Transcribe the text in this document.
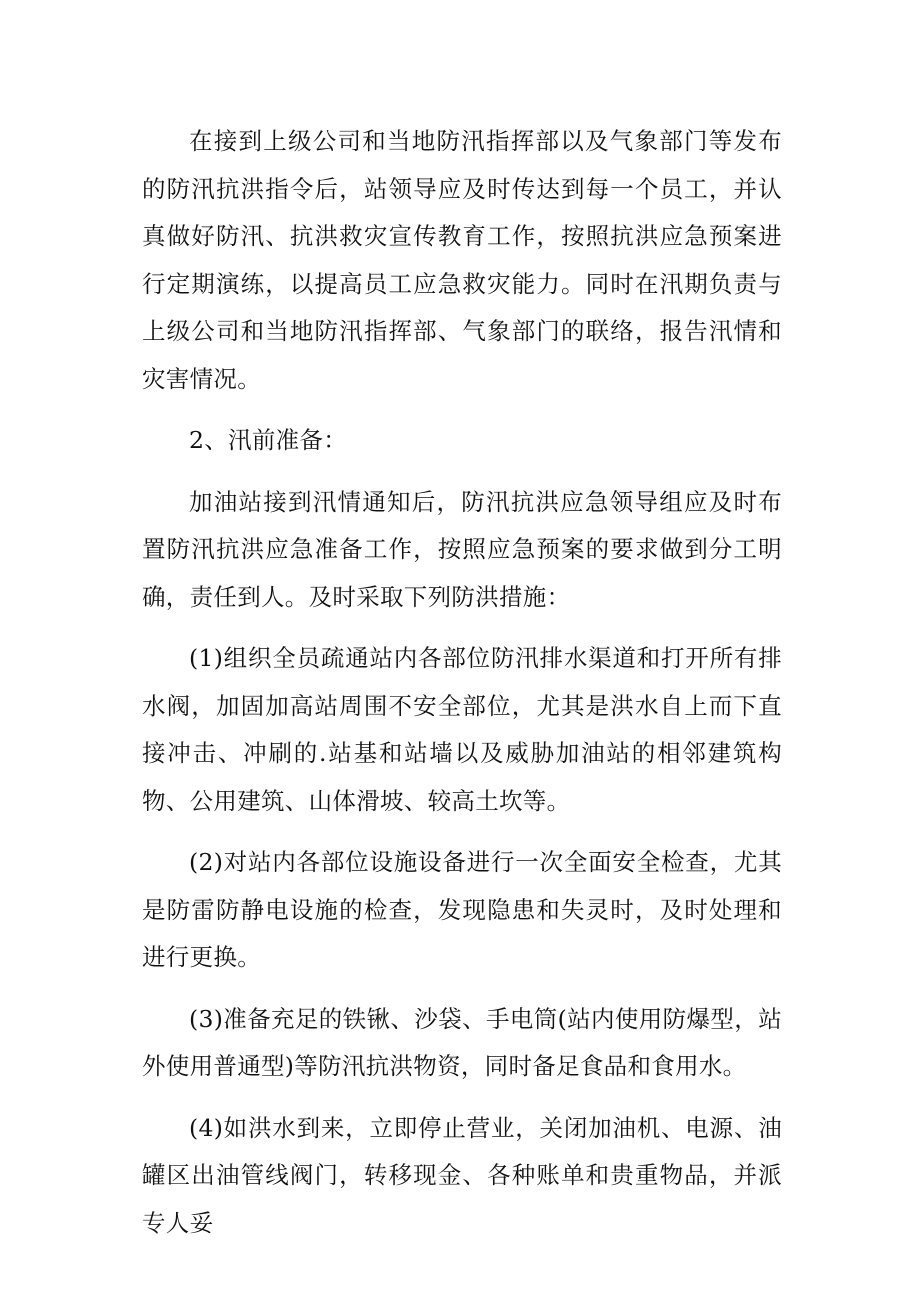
在接到上级公司和当地防汛指挥部以及气象部门等发布的防汛抗洪指令后，站领导应及时传达到每一个员工，并认真做好防汛、抗洪救灾宣传教育工作，按照抗洪应急预案进行定期演练，以提高员工应急救灾能力。同时在汛期负责与上级公司和当地防汛指挥部、气象部门的联络，报告汛情和灾害情况。

2、汛前准备：

加油站接到汛情通知后，防汛抗洪应急领导组应及时布置防汛抗洪应急准备工作，按照应急预案的要求做到分工明确，责任到人。及时采取下列防洪措施：

(1)组织全员疏通站内各部位防汛排水渠道和打开所有排水阀，加固加高站周围不安全部位，尤其是洪水自上而下直接冲击、冲刷的.站基和站墙以及威胁加油站的相邻建筑构物、公用建筑、山体滑坡、较高土坎等。

(2)对站内各部位设施设备进行一次全面安全检查，尤其是防雷防静电设施的检查，发现隐患和失灵时，及时处理和进行更换。

(3)准备充足的铁锹、沙袋、手电筒(站内使用防爆型，站外使用普通型)等防汛抗洪物资，同时备足食品和食用水。

(4)如洪水到来，立即停止营业，关闭加油机、电源、油罐区出油管线阀门，转移现金、各种账单和贵重物品，并派专人妥
